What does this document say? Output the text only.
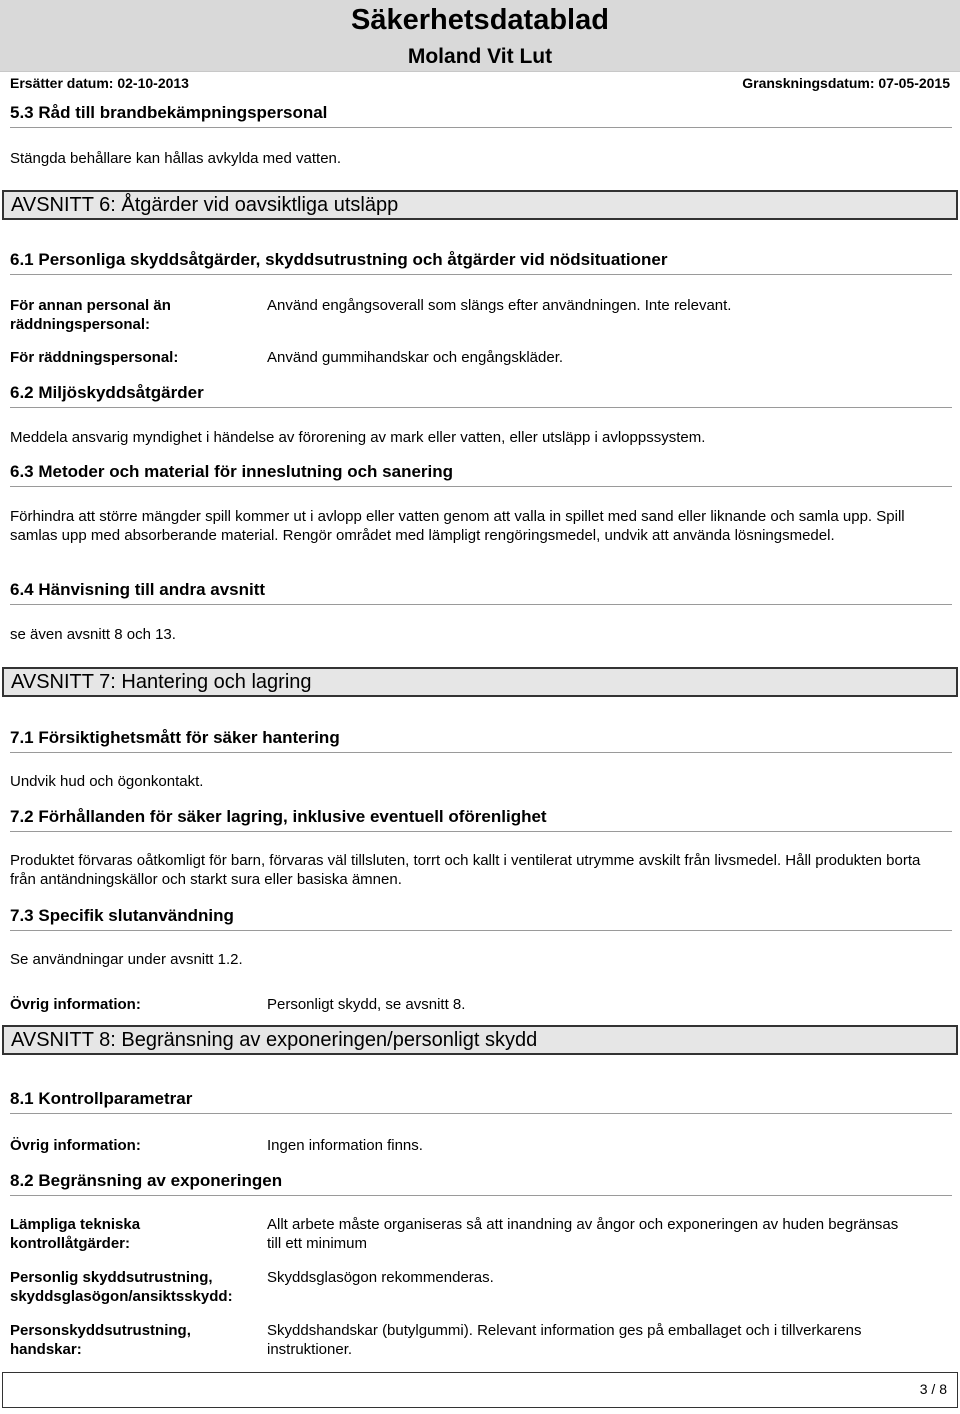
Säkerhetsdatablad
Moland Vit Lut
Ersätter datum: 02-10-2013	Granskningsdatum: 07-05-2015
5.3 Råd till brandbekämpningspersonal
Stängda behållare kan hållas avkylda med vatten.
AVSNITT 6: Åtgärder vid oavsiktliga utsläpp
6.1 Personliga skyddsåtgärder, skyddsutrustning och åtgärder vid nödsituationer
För annan personal än räddningspersonal:
Använd engångsoverall som slängs efter användningen. Inte relevant.
För räddningspersonal:	Använd gummihandskar och engångskläder.
6.2 Miljöskyddsåtgärder
Meddela ansvarig myndighet i händelse av förorening av mark eller vatten, eller utsläpp i avloppssystem.
6.3 Metoder och material för inneslutning och sanering
Förhindra att större mängder spill kommer ut i avlopp eller vatten genom att valla in spillet med sand eller liknande och samla upp. Spill samlas upp med absorberande material. Rengör området med lämpligt rengöringsmedel, undvik att använda lösningsmedel.
6.4 Hänvisning till andra avsnitt
se även avsnitt 8 och 13.
AVSNITT 7: Hantering och lagring
7.1 Försiktighetsmått för säker hantering
Undvik hud och ögonkontakt.
7.2 Förhållanden för säker lagring, inklusive eventuell oförenlighet
Produktet förvaras oåtkomligt för barn, förvaras väl tillsluten, torrt och kallt i ventilerat utrymme avskilt från livsmedel. Håll produkten borta från antändningskällor och starkt sura eller basiska ämnen.
7.3 Specifik slutanvändning
Se användningar under avsnitt 1.2.
Övrig information:	Personligt skydd, se avsnitt 8.
AVSNITT 8: Begränsning av exponeringen/personligt skydd
8.1 Kontrollparametrar
Övrig information:	Ingen information finns.
8.2 Begränsning av exponeringen
Lämpliga tekniska kontrollåtgärder:
Allt arbete måste organiseras så att inandning av ångor och exponeringen av huden begränsas till ett minimum
Personlig skyddsutrustning, skyddsglasögon/ansiktsskydd:
Skyddsglasögon rekommenderas.
Personskyddsutrustning, handskar:
Skyddshandskar (butylgummi). Relevant information ges på emballaget och i tillverkarens instruktioner.
3 / 8
